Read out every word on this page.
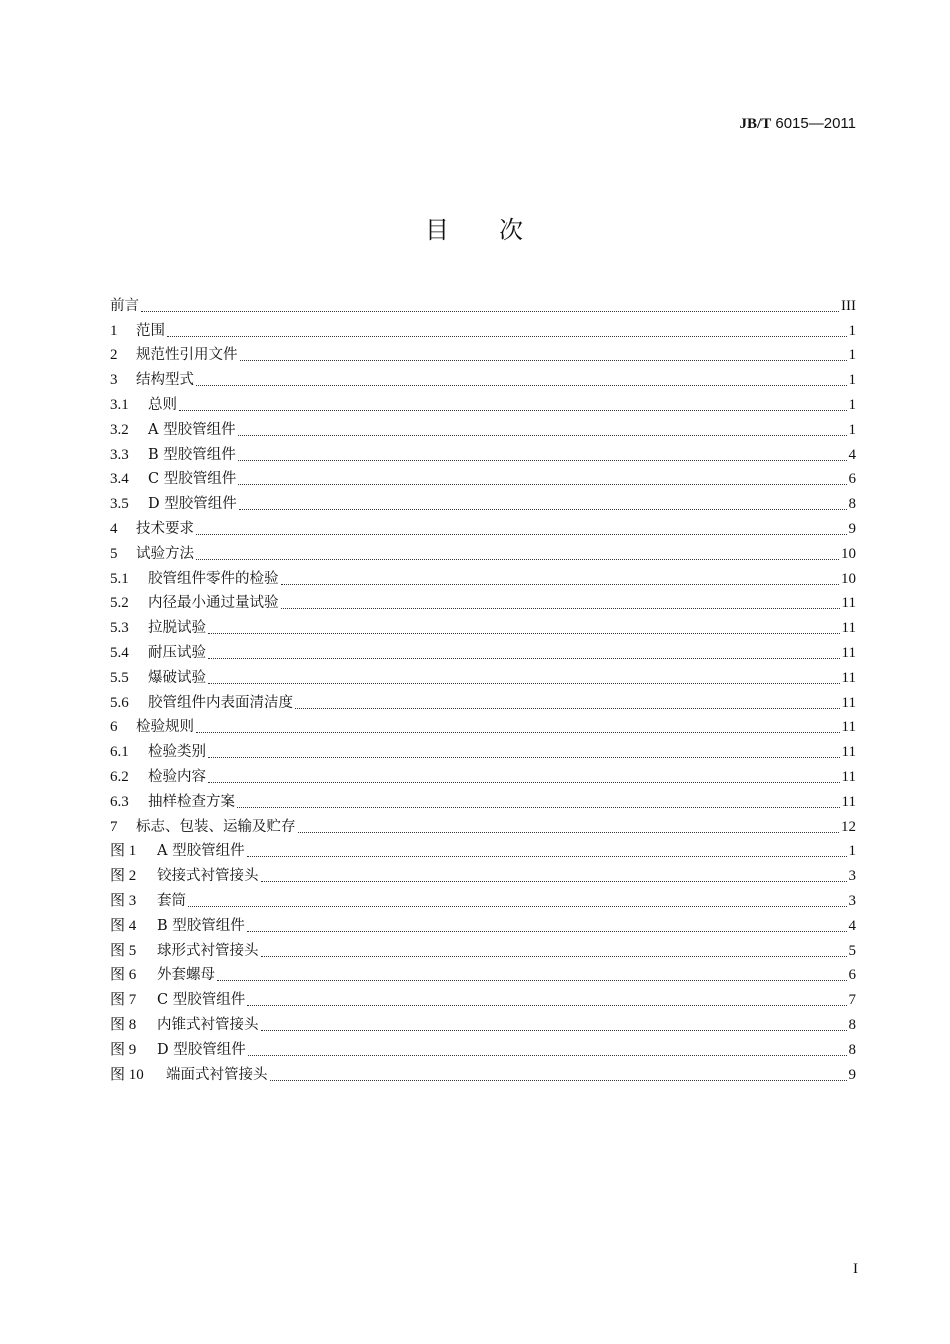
JB/T 6015—2011
目 次
前言	III
1	范围	1
2	规范性引用文件	1
3	结构型式	1
3.1	总则	1
3.2	A 型胶管组件	1
3.3	B 型胶管组件	4
3.4	C 型胶管组件	6
3.5	D 型胶管组件	8
4	技术要求	9
5	试验方法	10
5.1	胶管组件零件的检验	10
5.2	内径最小通过量试验	11
5.3	拉脱试验	11
5.4	耐压试验	11
5.5	爆破试验	11
5.6	胶管组件内表面清洁度	11
6	检验规则	11
6.1	检验类别	11
6.2	检验内容	11
6.3	抽样检查方案	11
7	标志、包装、运输及贮存	12
图 1	A 型胶管组件	1
图 2	铰接式衬管接头	3
图 3	套筒	3
图 4	B 型胶管组件	4
图 5	球形式衬管接头	5
图 6	外套螺母	6
图 7	C 型胶管组件	7
图 8	内锥式衬管接头	8
图 9	D 型胶管组件	8
图 10	端面式衬管接头	9
I
